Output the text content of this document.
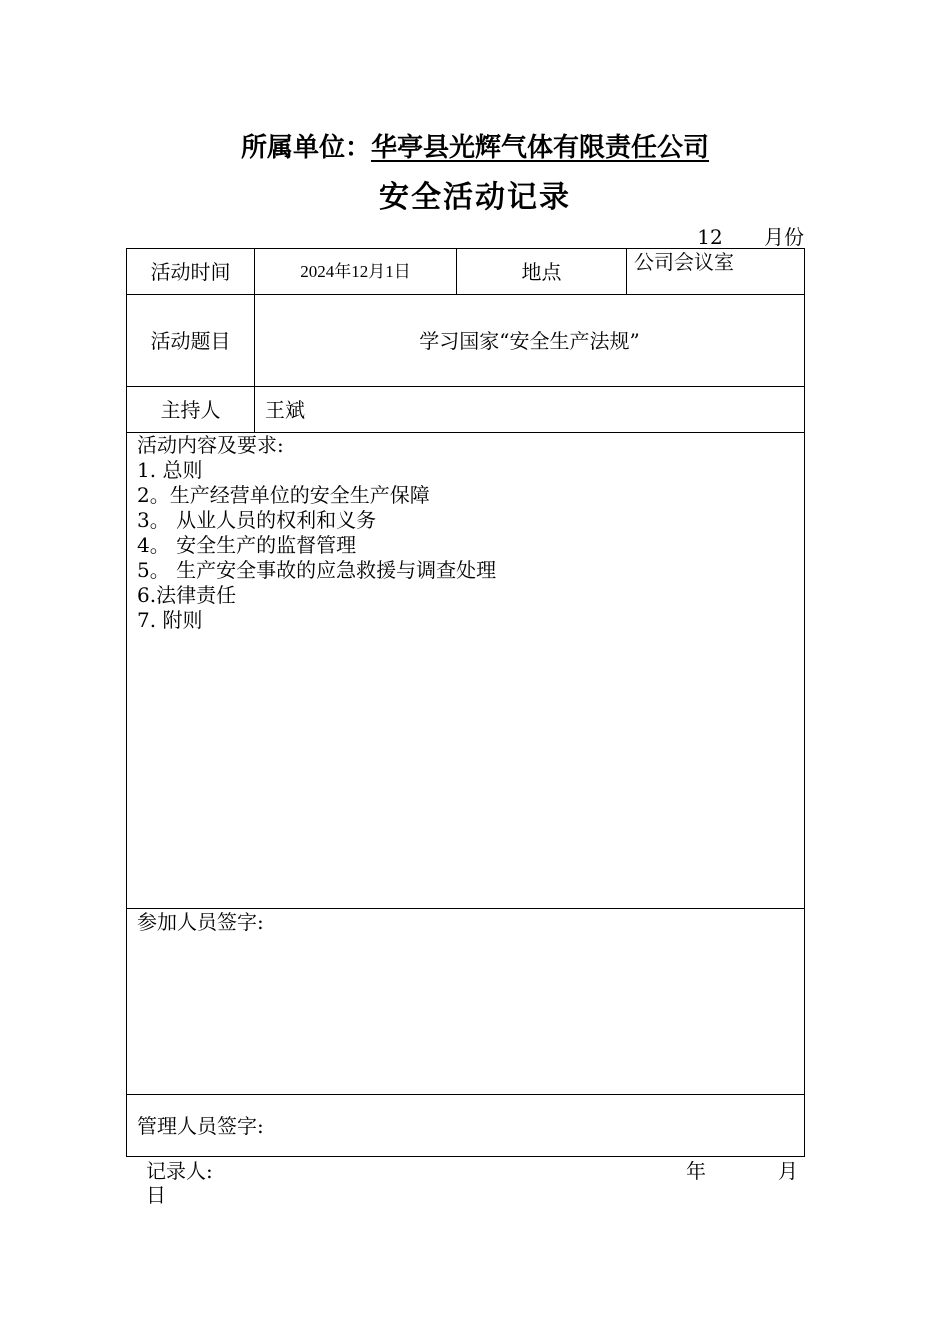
所属单位：华亭县光辉气体有限责任公司
安全活动记录
12 月份
活动时间	2024年12月1日	地点	公司会议室
活动题目	学习国家“安全生产法规”
主持人	王斌
活动内容及要求:
1. 总则
2。生产经营单位的安全生产保障
3。 从业人员的权利和义务
4。 安全生产的监督管理
5。 生产安全事故的应急救援与调查处理
6.法律责任
7. 附则
参加人员签字:
管理人员签字:
记录人:	年	月
日
